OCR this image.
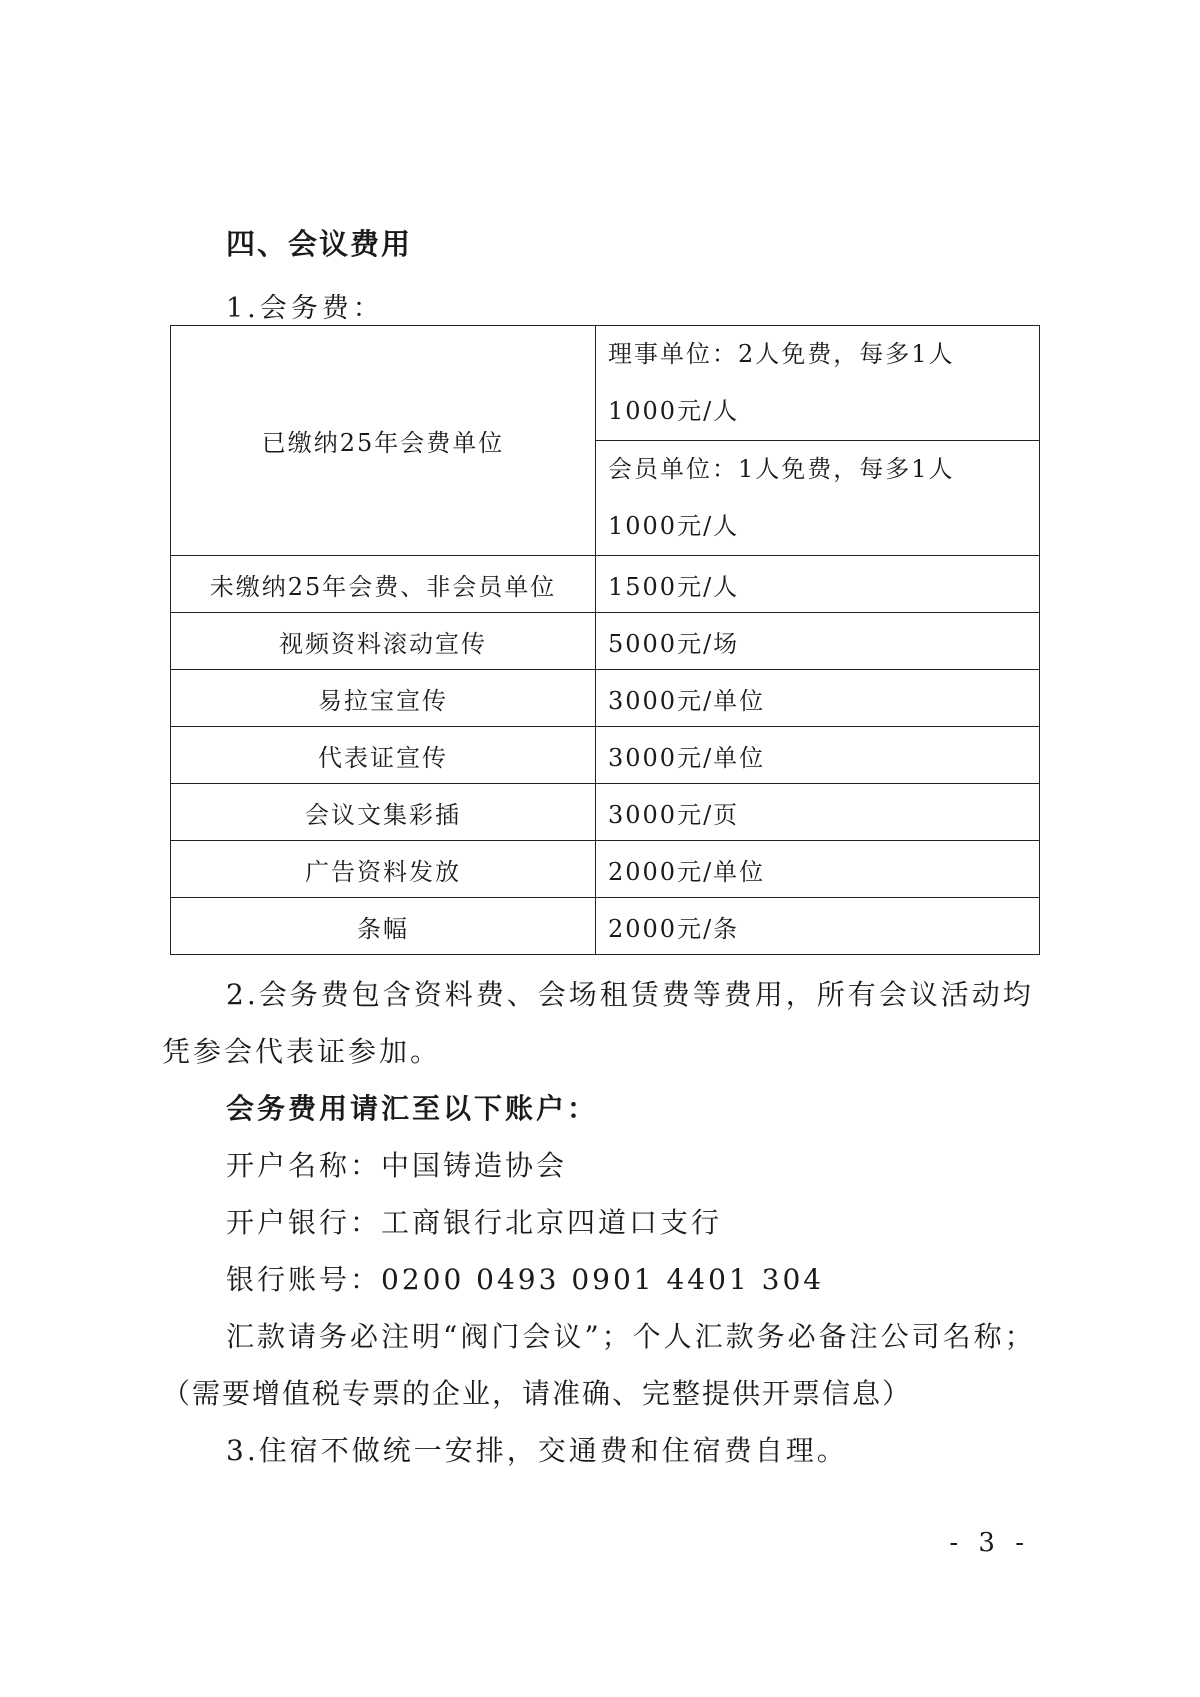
四、会议费用
1.会务费：
已缴纳25年会费单位	理事单位：2人免费，每多1人
1000元/人

	会员单位：1人免费，每多1人
1000元/人

未缴纳25年会费、非会员单位	1500元/人
视频资料滚动宣传	5000元/场
易拉宝宣传	3000元/单位
代表证宣传	3000元/单位
会议文集彩插	3000元/页
广告资料发放	2000元/单位
条幅	2000元/条

2.会务费包含资料费、会场租赁费等费用，所有会议活动均

凭参会代表证参加。

会务费用请汇至以下账户：

开户名称：中国铸造协会

开户银行：工商银行北京四道口支行

银行账号：0200 0493 0901 4401 304

汇款请务必注明“阀门会议”；个人汇款务必备注公司名称；

（需要增值税专票的企业，请准确、完整提供开票信息）

3.住宿不做统一安排，交通费和住宿费自理。

- 3 -
